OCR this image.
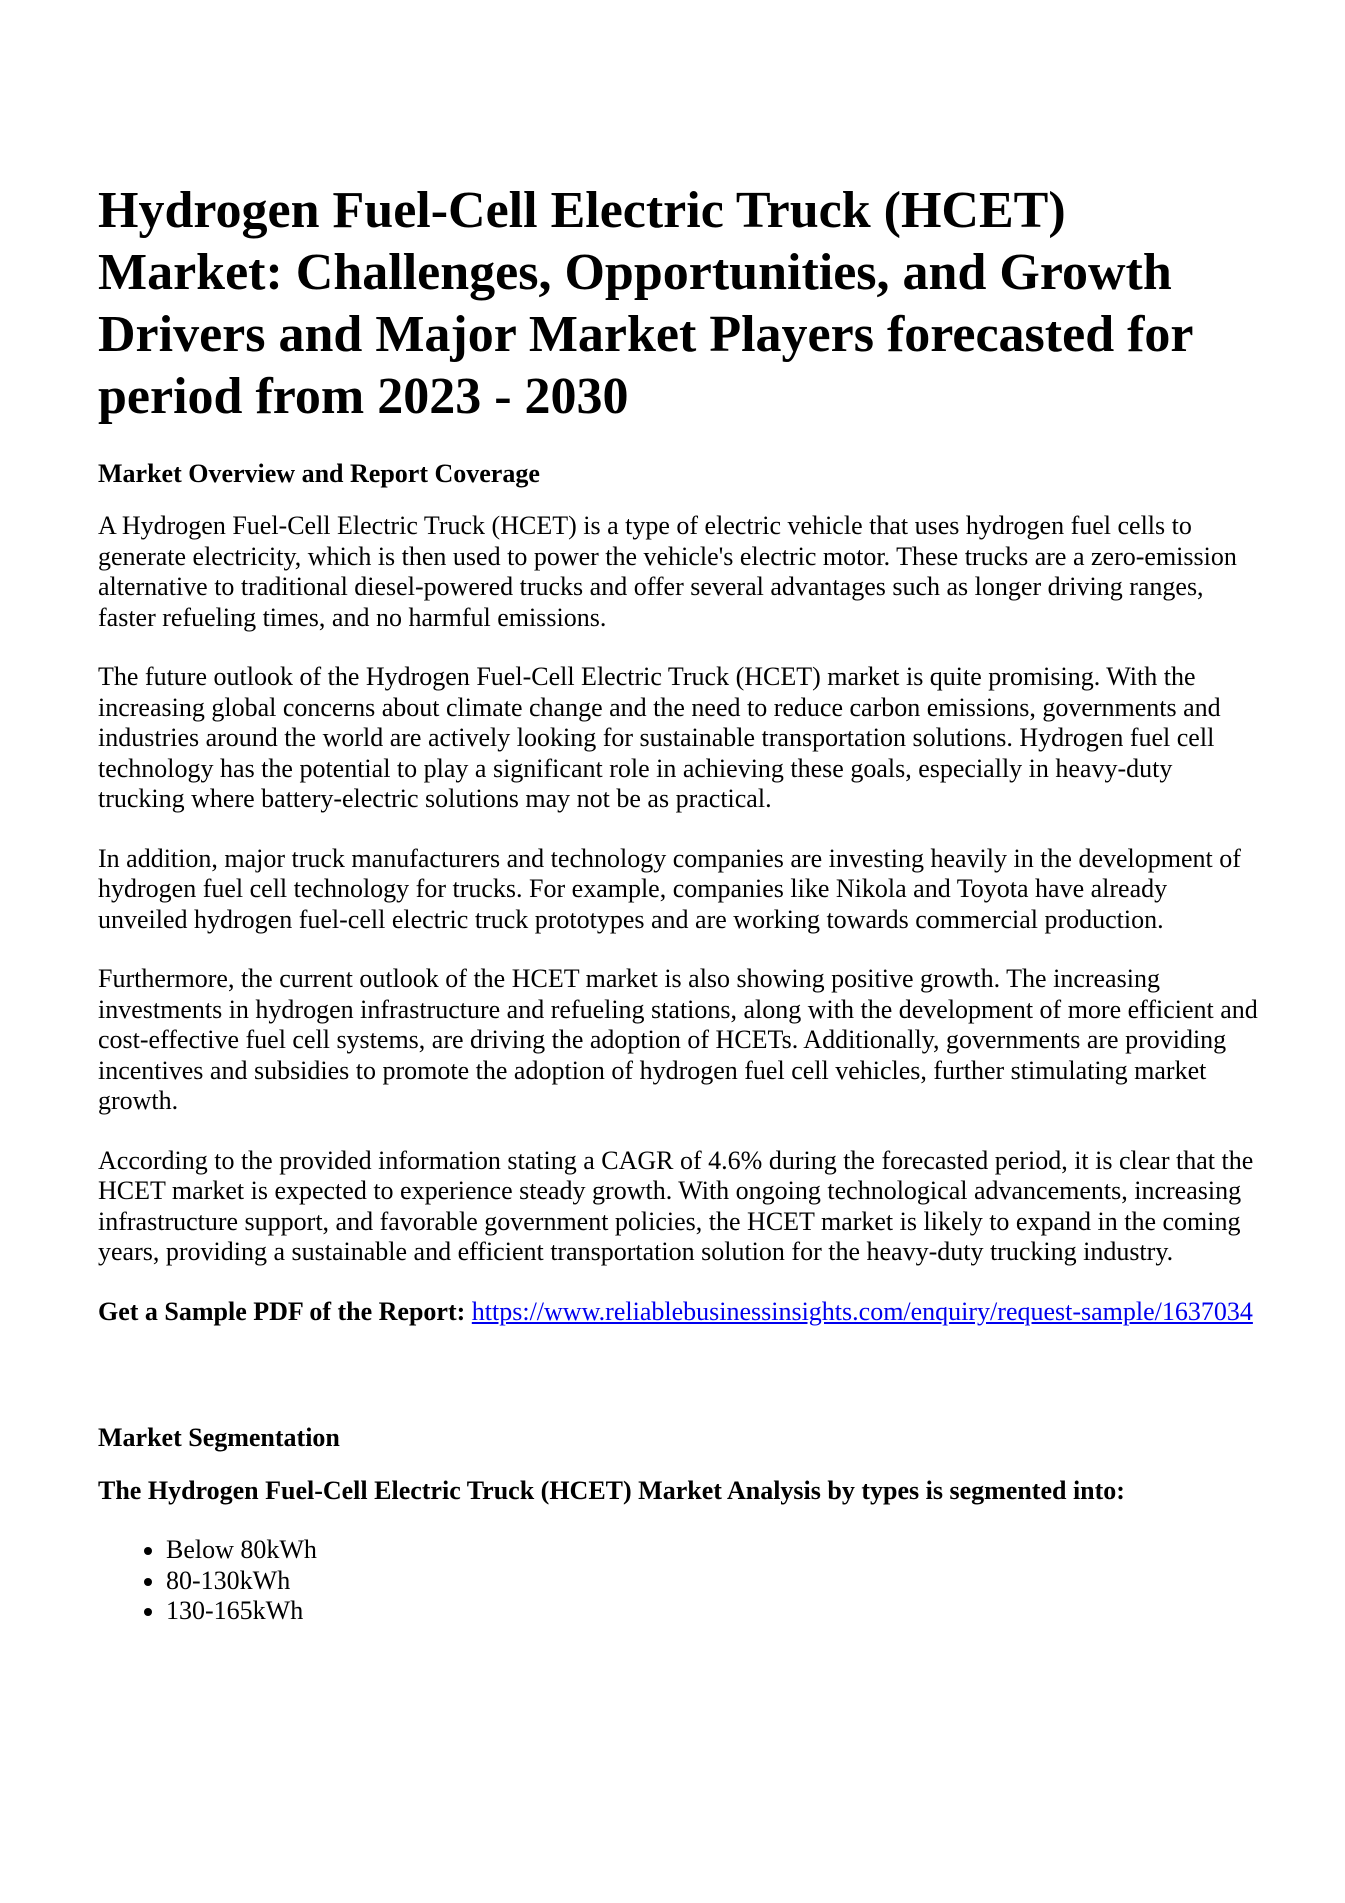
Hydrogen Fuel-Cell Electric Truck (HCET) Market: Challenges, Opportunities, and Growth Drivers and Major Market Players forecasted for period from 2023 - 2030
Market Overview and Report Coverage

A Hydrogen Fuel-Cell Electric Truck (HCET) is a type of electric vehicle that uses hydrogen fuel cells to generate electricity, which is then used to power the vehicle's electric motor. These trucks are a zero-emission alternative to traditional diesel-powered trucks and offer several advantages such as longer driving ranges, faster refueling times, and no harmful emissions.

The future outlook of the Hydrogen Fuel-Cell Electric Truck (HCET) market is quite promising. With the increasing global concerns about climate change and the need to reduce carbon emissions, governments and industries around the world are actively looking for sustainable transportation solutions. Hydrogen fuel cell technology has the potential to play a significant role in achieving these goals, especially in heavy-duty trucking where battery-electric solutions may not be as practical.

In addition, major truck manufacturers and technology companies are investing heavily in the development of hydrogen fuel cell technology for trucks. For example, companies like Nikola and Toyota have already unveiled hydrogen fuel-cell electric truck prototypes and are working towards commercial production.

Furthermore, the current outlook of the HCET market is also showing positive growth. The increasing investments in hydrogen infrastructure and refueling stations, along with the development of more efficient and cost-effective fuel cell systems, are driving the adoption of HCETs. Additionally, governments are providing incentives and subsidies to promote the adoption of hydrogen fuel cell vehicles, further stimulating market growth.

According to the provided information stating a CAGR of 4.6% during the forecasted period, it is clear that the HCET market is expected to experience steady growth. With ongoing technological advancements, increasing infrastructure support, and favorable government policies, the HCET market is likely to expand in the coming years, providing a sustainable and efficient transportation solution for the heavy-duty trucking industry.

Get a Sample PDF of the Report: https://www.reliablebusinessinsights.com/enquiry/request-sample/1637034

Market Segmentation
The Hydrogen Fuel-Cell Electric Truck (HCET) Market Analysis by types is segmented into:
• Below 80kWh
• 80-130kWh
• 130-165kWh
